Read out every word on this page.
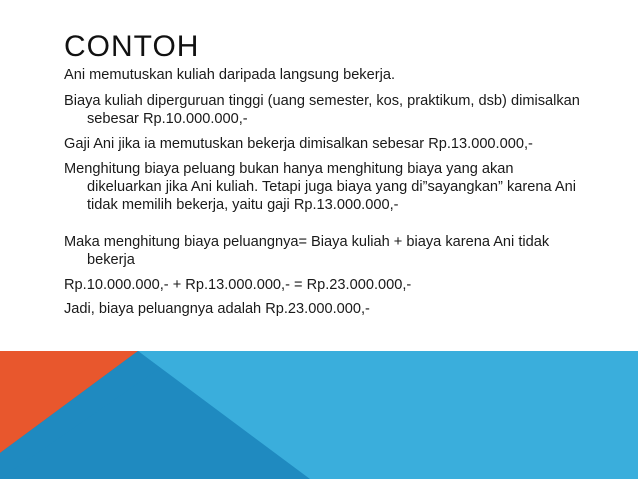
CONTOH

Ani memutuskan kuliah daripada langsung bekerja.

Biaya kuliah diperguruan tinggi (uang semester, kos, praktikum, dsb) dimisalkan sebesar Rp.10.000.000,-

Gaji Ani jika ia memutuskan bekerja dimisalkan sebesar Rp.13.000.000,-

Menghitung biaya peluang bukan hanya menghitung biaya yang akan dikeluarkan jika Ani kuliah. Tetapi juga biaya yang di”sayangkan” karena Ani tidak memilih bekerja, yaitu gaji Rp.13.000.000,-

Maka menghitung biaya peluangnya= Biaya kuliah + biaya karena Ani tidak bekerja

Rp.10.000.000,- + Rp.13.000.000,- = Rp.23.000.000,-

Jadi, biaya peluangnya adalah Rp.23.000.000,-
